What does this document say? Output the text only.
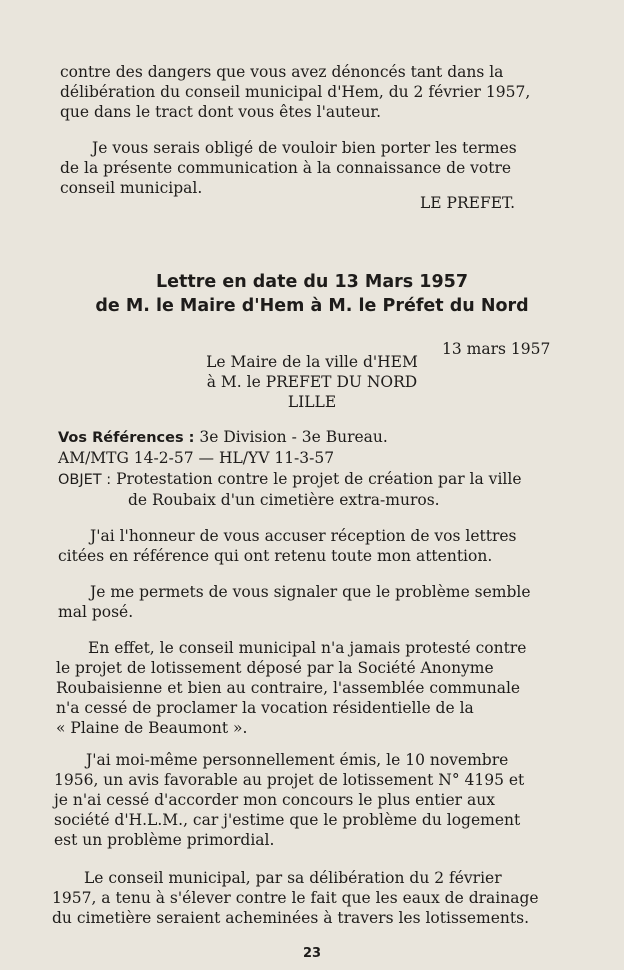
contre des dangers que vous avez dénoncés tant dans la
délibération du conseil municipal d'Hem, du 2 février 1957,
que dans le tract dont vous êtes l'auteur.

Je vous serais obligé de vouloir bien porter les termes
de la présente communication à la connaissance de votre
conseil municipal.

LE PREFET.
Lettre en date du 13 Mars 1957
de M. le Maire d'Hem à M. le Préfet du Nord
13 mars 1957
Le Maire de la ville d'HEM
à M. le PREFET DU NORD
LILLE
Vos Références : 3e Division - 3e Bureau.
AM/MTG 14-2-57 — HL/YV 11-3-57
OBJET : Protestation contre le projet de création par la ville
de Roubaix d'un cimetière extra-muros.

J'ai l'honneur de vous accuser réception de vos lettres
citées en référence qui ont retenu toute mon attention.

Je me permets de vous signaler que le problème semble
mal posé.

En effet, le conseil municipal n'a jamais protesté contre
le projet de lotissement déposé par la Société Anonyme
Roubaisienne et bien au contraire, l'assemblée communale
n'a cessé de proclamer la vocation résidentielle de la
« Plaine de Beaumont ».

J'ai moi-même personnellement émis, le 10 novembre
1956, un avis favorable au projet de lotissement N° 4195 et
je n'ai cessé d'accorder mon concours le plus entier aux
société d'H.L.M., car j'estime que le problème du logement
est un problème primordial.

Le conseil municipal, par sa délibération du 2 février
1957, a tenu à s'élever contre le fait que les eaux de drainage
du cimetière seraient acheminées à travers les lotissements.

23
